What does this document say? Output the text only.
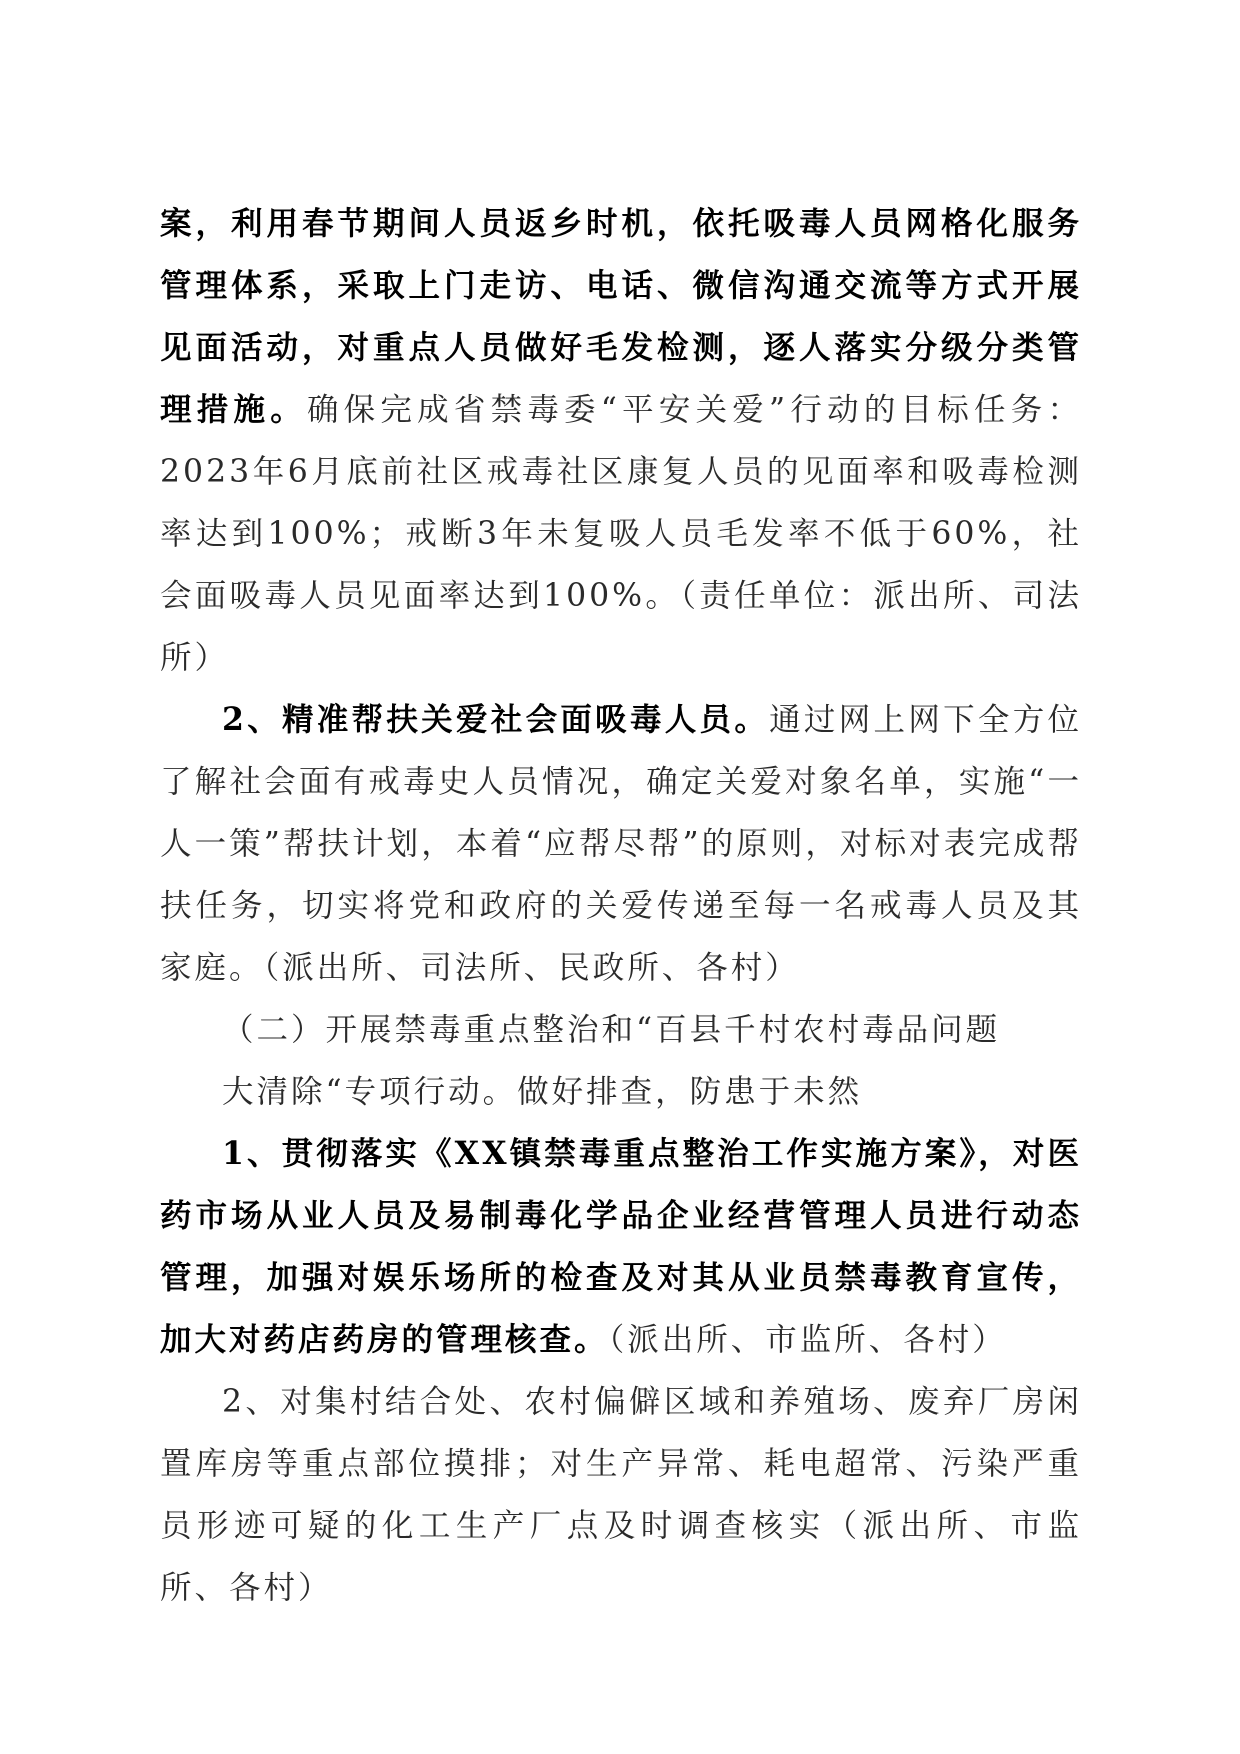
案，利用春节期间人员返乡时机，依托吸毒人员网格化服务管理体系，采取上门走访、电话、微信沟通交流等方式开展见面活动，对重点人员做好毛发检测，逐人落实分级分类管理措施。确保完成省禁毒委“平安关爱”行动的目标任务：2023年6月底前社区戒毒社区康复人员的见面率和吸毒检测率达到100%；戒断3年未复吸人员毛发率不低于60%，社会面吸毒人员见面率达到100%。（责任单位：派出所、司法所）

2、精准帮扶关爱社会面吸毒人员。通过网上网下全方位了解社会面有戒毒史人员情况，确定关爱对象名单，实施“一人一策”帮扶计划，本着“应帮尽帮”的原则，对标对表完成帮扶任务，切实将党和政府的关爱传递至每一名戒毒人员及其家庭。（派出所、司法所、民政所、各村）

（二）开展禁毒重点整治和“百县千村农村毒品问题

大清除“专项行动。做好排查，防患于未然

1、贯彻落实《XX镇禁毒重点整治工作实施方案》，对医药市场从业人员及易制毒化学品企业经营管理人员进行动态管理，加强对娱乐场所的检查及对其从业员禁毒教育宣传，加大对药店药房的管理核查。（派出所、市监所、各村）

2、对集村结合处、农村偏僻区域和养殖场、废弃厂房闲置库房等重点部位摸排；对生产异常、耗电超常、污染严重员形迹可疑的化工生产厂点及时调查核实（派出所、市监所、各村）
